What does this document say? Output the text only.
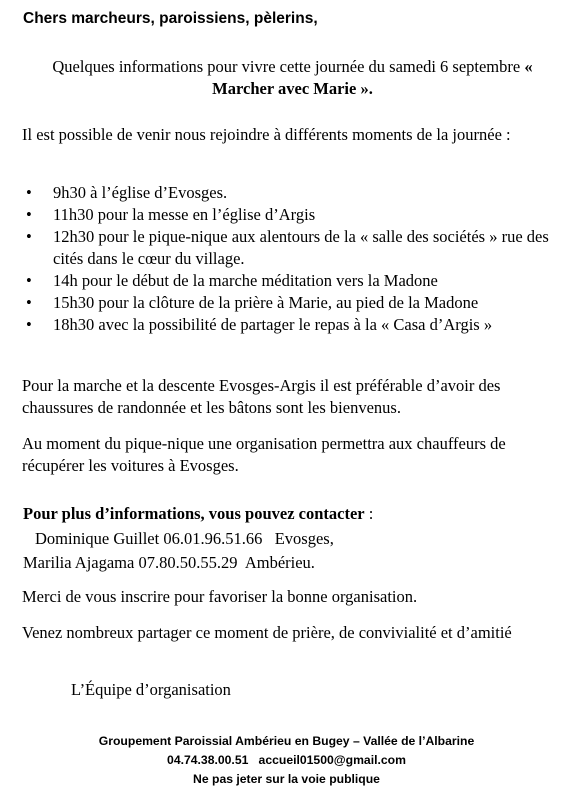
Chers marcheurs, paroissiens, pèlerins,
Quelques informations pour vivre cette journée du samedi 6 septembre « Marcher avec Marie ».
Il est possible de venir nous rejoindre à différents moments de la journée :
• 9h30 à l’église d’Evosges.
• 11h30 pour la messe en l’église d’Argis
• 12h30 pour le pique-nique aux alentours de la « salle des sociétés » rue des cités dans le cœur du village.
• 14h pour le début de la marche méditation vers la Madone
• 15h30 pour la clôture de la prière à Marie, au pied de la Madone
• 18h30 avec la possibilité de partager le repas à la « Casa d’Argis »
Pour la marche et la descente Evosges-Argis il est préférable d’avoir des chaussures de randonnée et les bâtons sont les bienvenus.
Au moment du pique-nique une organisation permettra aux chauffeurs de récupérer les voitures à Evosges.
Pour plus d’informations, vous pouvez contacter :
Dominique Guillet 06.01.96.51.66 Evosges,
Marilia Ajagama 07.80.50.55.29 Ambérieu.
Merci de vous inscrire pour favoriser la bonne organisation.
Venez nombreux partager ce moment de prière, de convivialité et d’amitié
L’Équipe d’organisation
Groupement Paroissial Ambérieu en Bugey – Vallée de l’Albarine
04.74.38.00.51 accueil01500@gmail.com
Ne pas jeter sur la voie publique
